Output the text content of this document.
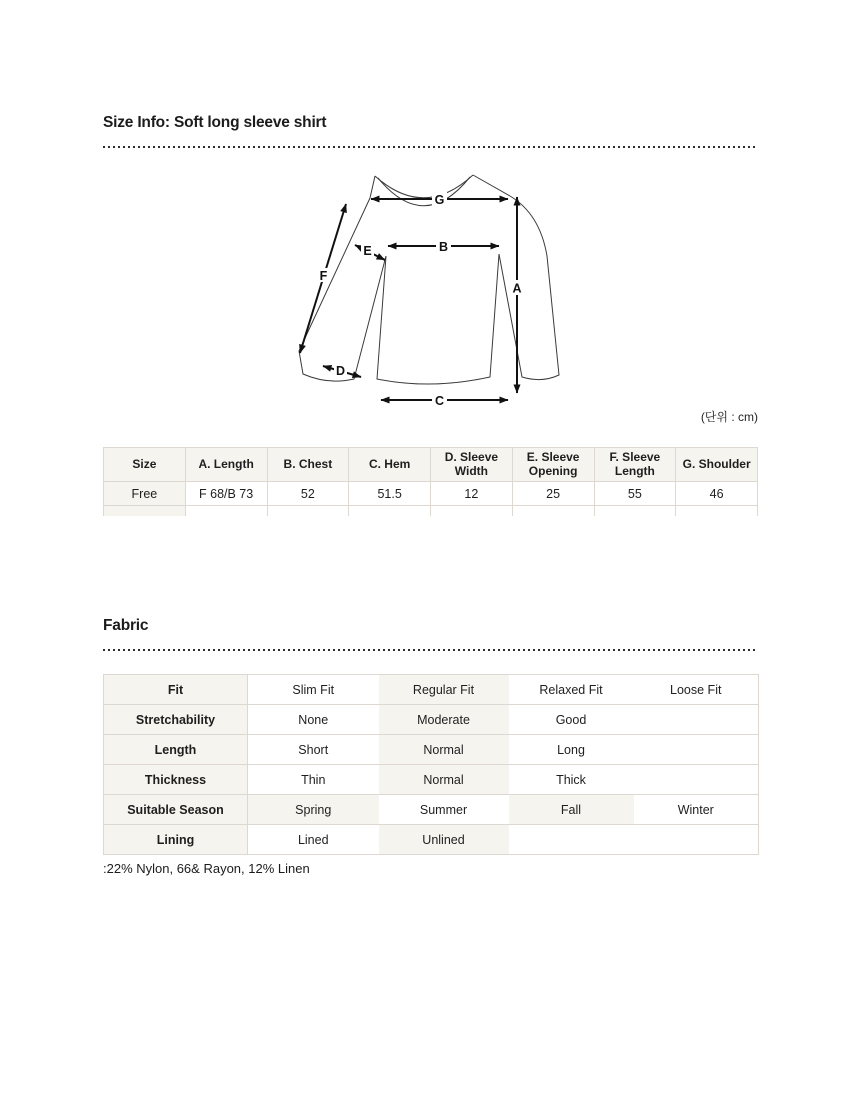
Size Info: Soft long sleeve shirt
G
B
C
A
F
E
D
(단위 : cm)
Size	A. Length	B. Chest	C. Hem	D. Sleeve Width	E. Sleeve Opening	F. Sleeve Length	G. Shoulder
Free	F 68/B 73	52	51.5	12	25	55	46

Fabric
Fit	Slim Fit	Regular Fit	Relaxed Fit	Loose Fit
Stretchability	None	Moderate	Good	
Length	Short	Normal	Long	
Thickness	Thin	Normal	Thick	
Suitable Season	Spring	Summer	Fall	Winter
Lining	Lined	Unlined		
:22% Nylon, 66& Rayon, 12% Linen
